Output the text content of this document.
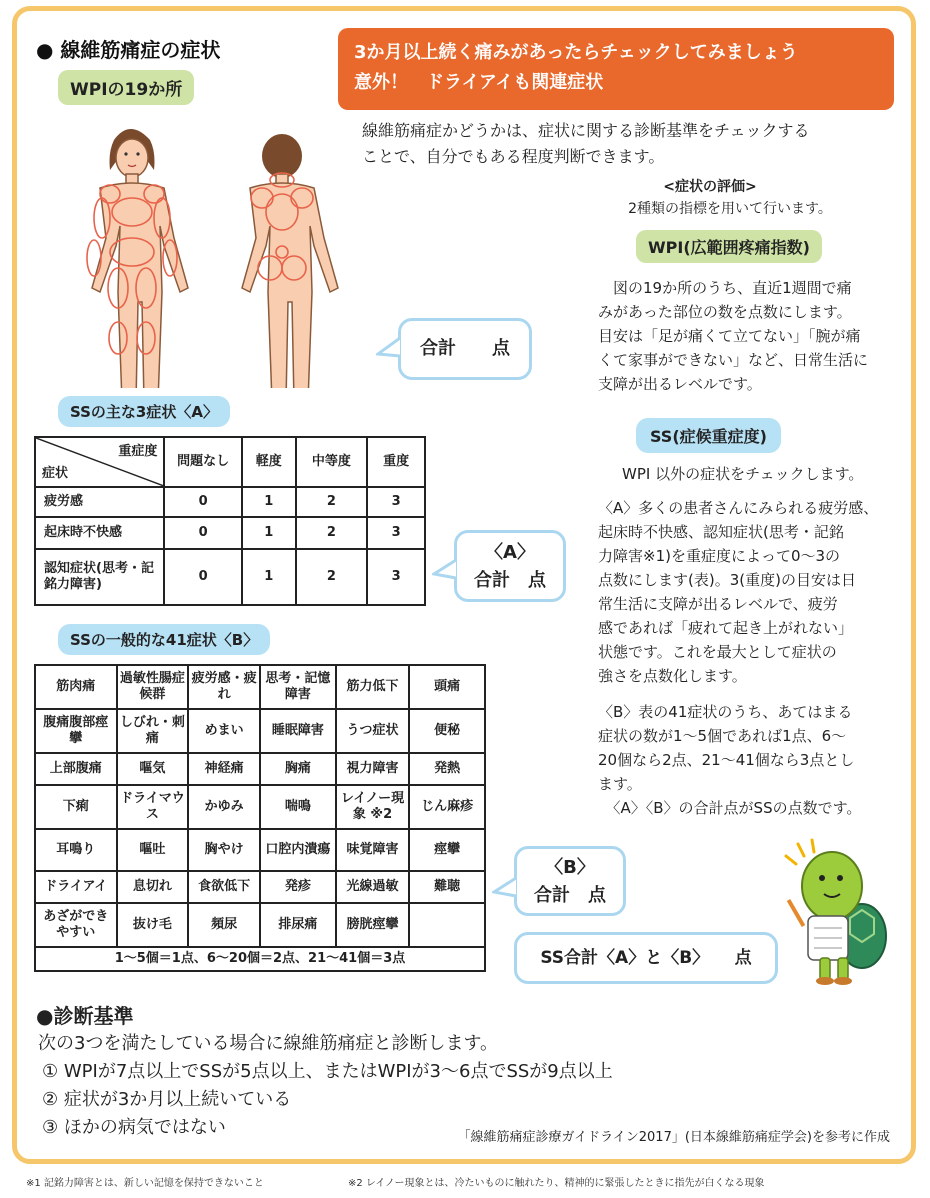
● 線維筋痛症の症状
WPIの19か所
3か月以上続く痛みがあったらチェックしてみましょう
意外！　ドライアイも関連症状
線維筋痛症かどうかは、症状に関する診断基準をチェックする
ことで、自分でもある程度判断できます。
<症状の評価>
2種類の指標を用いて行います。
WPI(広範囲疼痛指数)
　図の19か所のうち、直近1週間で痛
みがあった部位の数を点数にします。
目安は「足が痛くて立てない」「腕が痛
くて家事ができない」など、日常生活に
支障が出るレベルです。
合計　　点
SS(症候重症度)
WPI 以外の症状をチェックします。
〈A〉多くの患者さんにみられる疲労感、
起床時不快感、認知症状(思考・記銘
力障害※1)を重症度によって0～3の
点数にします(表)。3(重度)の目安は日
常生活に支障が出るレベルで、疲労
感であれば「疲れて起き上がれない」
状態です。これを最大として症状の
強さを点数化します。
〈B〉表の41症状のうち、あてはまる
症状の数が1～5個であれば1点、6～
20個なら2点、21～41個なら3点とし
ます。
　〈A〉〈B〉の合計点がSSの点数です。
SSの主な3症状〈A〉
重症度
症状	問題なし	軽度	中等度	重度
疲労感	0	1	2	3
起床時不快感	0	1	2	3
認知症状(思考・記銘力障害)	0	1	2	3
〈A〉
合計　点
SSの一般的な41症状〈B〉
筋肉痛	過敏性腸症候群	疲労感・疲れ	思考・記憶障害	筋力低下	頭痛
腹痛腹部痙攣	しびれ・刺痛	めまい	睡眠障害	うつ症状	便秘
上部腹痛	嘔気	神経痛	胸痛	視力障害	発熱
下痢	ドライマウス	かゆみ	喘鳴	レイノー現象 ※2	じん麻疹
耳鳴り	嘔吐	胸やけ	口腔内潰瘍	味覚障害	痙攣
ドライアイ	息切れ	食欲低下	発疹	光線過敏	難聴
あざができやすい	抜け毛	頻尿	排尿痛	膀胱痙攣	
1～5個＝1点、6～20個＝2点、21～41個＝3点					
〈B〉
合計　点
SS合計〈A〉と〈B〉　　点
●診断基準
次の3つを満たしている場合に線維筋痛症と診断します。
① WPIが7点以上でSSが5点以上、またはWPIが3～6点でSSが9点以上
② 症状が3か月以上続いている
③ ほかの病気ではない	「線維筋痛症診療ガイドライン2017」(日本線維筋痛症学会)を参考に作成
※1 記銘力障害とは、新しい記憶を保持できないこと	※2 レイノー現象とは、冷たいものに触れたり、精神的に緊張したときに指先が白くなる現象
